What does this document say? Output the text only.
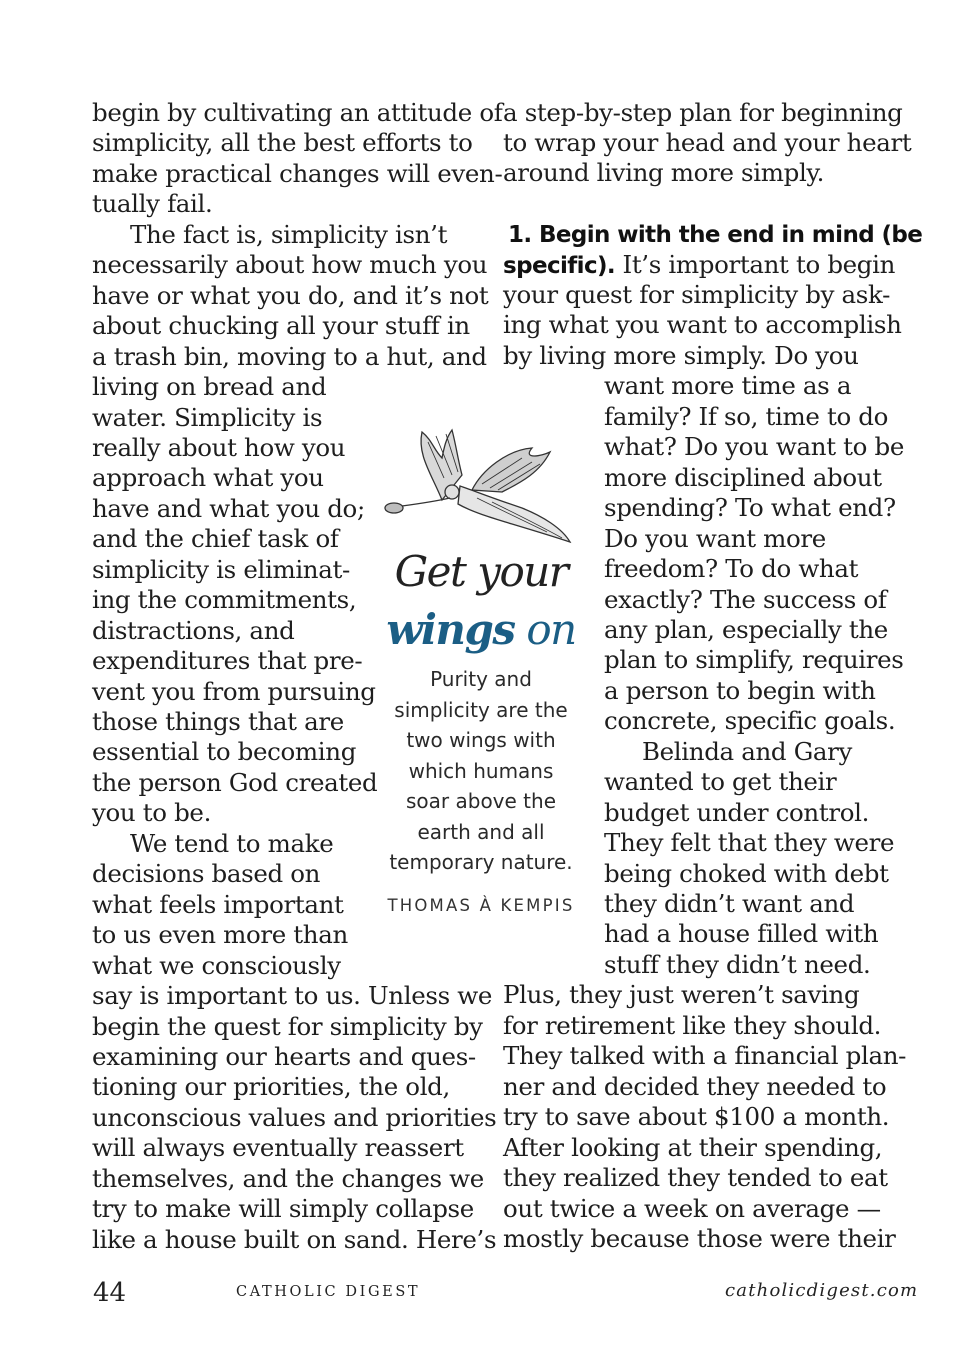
begin by cultivating an attitude of
simplicity, all the best efforts to
make practical changes will even-
tually fail.
The fact is, simplicity isn’t
necessarily about how much you
have or what you do, and it’s not
about chucking all your stuff in
a trash bin, moving to a hut, and
living on bread and
water. Simplicity is
really about how you
approach what you
have and what you do;
and the chief task of
simplicity is eliminat-
ing the commitments,
distractions, and
expenditures that pre-
vent you from pursuing
those things that are
essential to becoming
the person God created
you to be.
We tend to make
decisions based on
what feels important
to us even more than
what we consciously
say is important to us. Unless we
begin the quest for simplicity by
examining our hearts and ques-
tioning our priorities, the old,
unconscious values and priorities
will always eventually reassert
themselves, and the changes we
try to make will simply collapse
like a house built on sand. Here’s
a step-by-step plan for beginning
to wrap your head and your heart
around living more simply.
1. Begin with the end in mind (be
specific). It’s important to begin
your quest for simplicity by ask-
ing what you want to accomplish
by living more simply. Do you
want more time as a
family? If so, time to do
what? Do you want to be
more disciplined about
spending? To what end?
Do you want more
freedom? To do what
exactly? The success of
any plan, especially the
plan to simplify, requires
a person to begin with
concrete, specific goals.
Belinda and Gary
wanted to get their
budget under control.
They felt that they were
being choked with debt
they didn’t want and
had a house filled with
stuff they didn’t need.
Plus, they just weren’t saving
for retirement like they should.
They talked with a financial plan-
ner and decided they needed to
try to save about $100 a month.
After looking at their spending,
they realized they tended to eat
out twice a week on average —
mostly because those were their
Get your
wings on
Purity and
simplicity are the
two wings with
which humans
soar above the
earth and all
temporary nature.
THOMAS À KEMPIS
44	CATHOLIC DIGEST	catholicdigest.com
